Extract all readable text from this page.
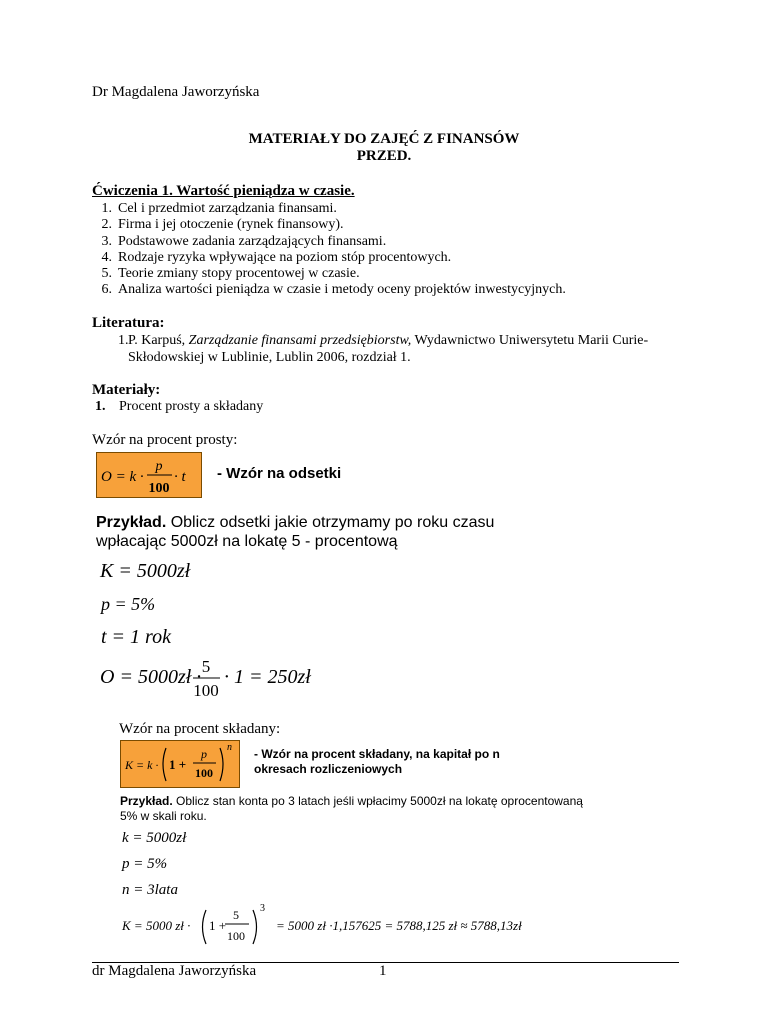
Dr Magdalena Jaworzyńska
MATERIAŁY DO ZAJĘĆ Z FINANSÓW
PRZED.
Ćwiczenia 1. Wartość pieniądza w czasie.
1. Cel i przedmiot zarządzania finansami.
2. Firma i jej otoczenie (rynek finansowy).
3. Podstawowe zadania zarządzających finansami.
4. Rodzaje ryzyka wpływające na poziom stóp procentowych.
5. Teorie zmiany stopy procentowej w czasie.
6. Analiza wartości pieniądza w czasie i metody oceny projektów inwestycyjnych.
Literatura:
1. P. Karpuś, Zarządzanie finansami przedsiębiorstw, Wydawnictwo Uniwersytetu Marii Curie-
Skłodowskiej w Lublinie, Lublin 2006, rozdział 1.
Materiały:
1. Procent prosty a składany
Wzór na procent prosty:
O = k ·
p
100
· t - Wzór na odsetki
Przykład. Oblicz odsetki jakie otrzymamy po roku czasu
wpłacając 5000zł na lokatę 5 - procentową
K = 5000zł
p = 5%
t = 1 rok
O = 5000zł · 5
100
· 1 = 250zł
Wzór na procent składany:
K = k · 1 +
p
100
n - Wzór na procent składany, na kapitał po n
okresach rozliczeniowych
Przykład. Oblicz stan konta po 3 latach jeśli wpłacimy 5000zł na lokatę oprocentowaną
5% w skali roku.
k = 5000zł
p = 5%
n = 3lata
K = 5000 zł · 1 +
5
100
3
= 5000 zł ·1,157625 = 5788,125 zł ≈ 5788,13zł
dr Magdalena Jaworzyńska	1
